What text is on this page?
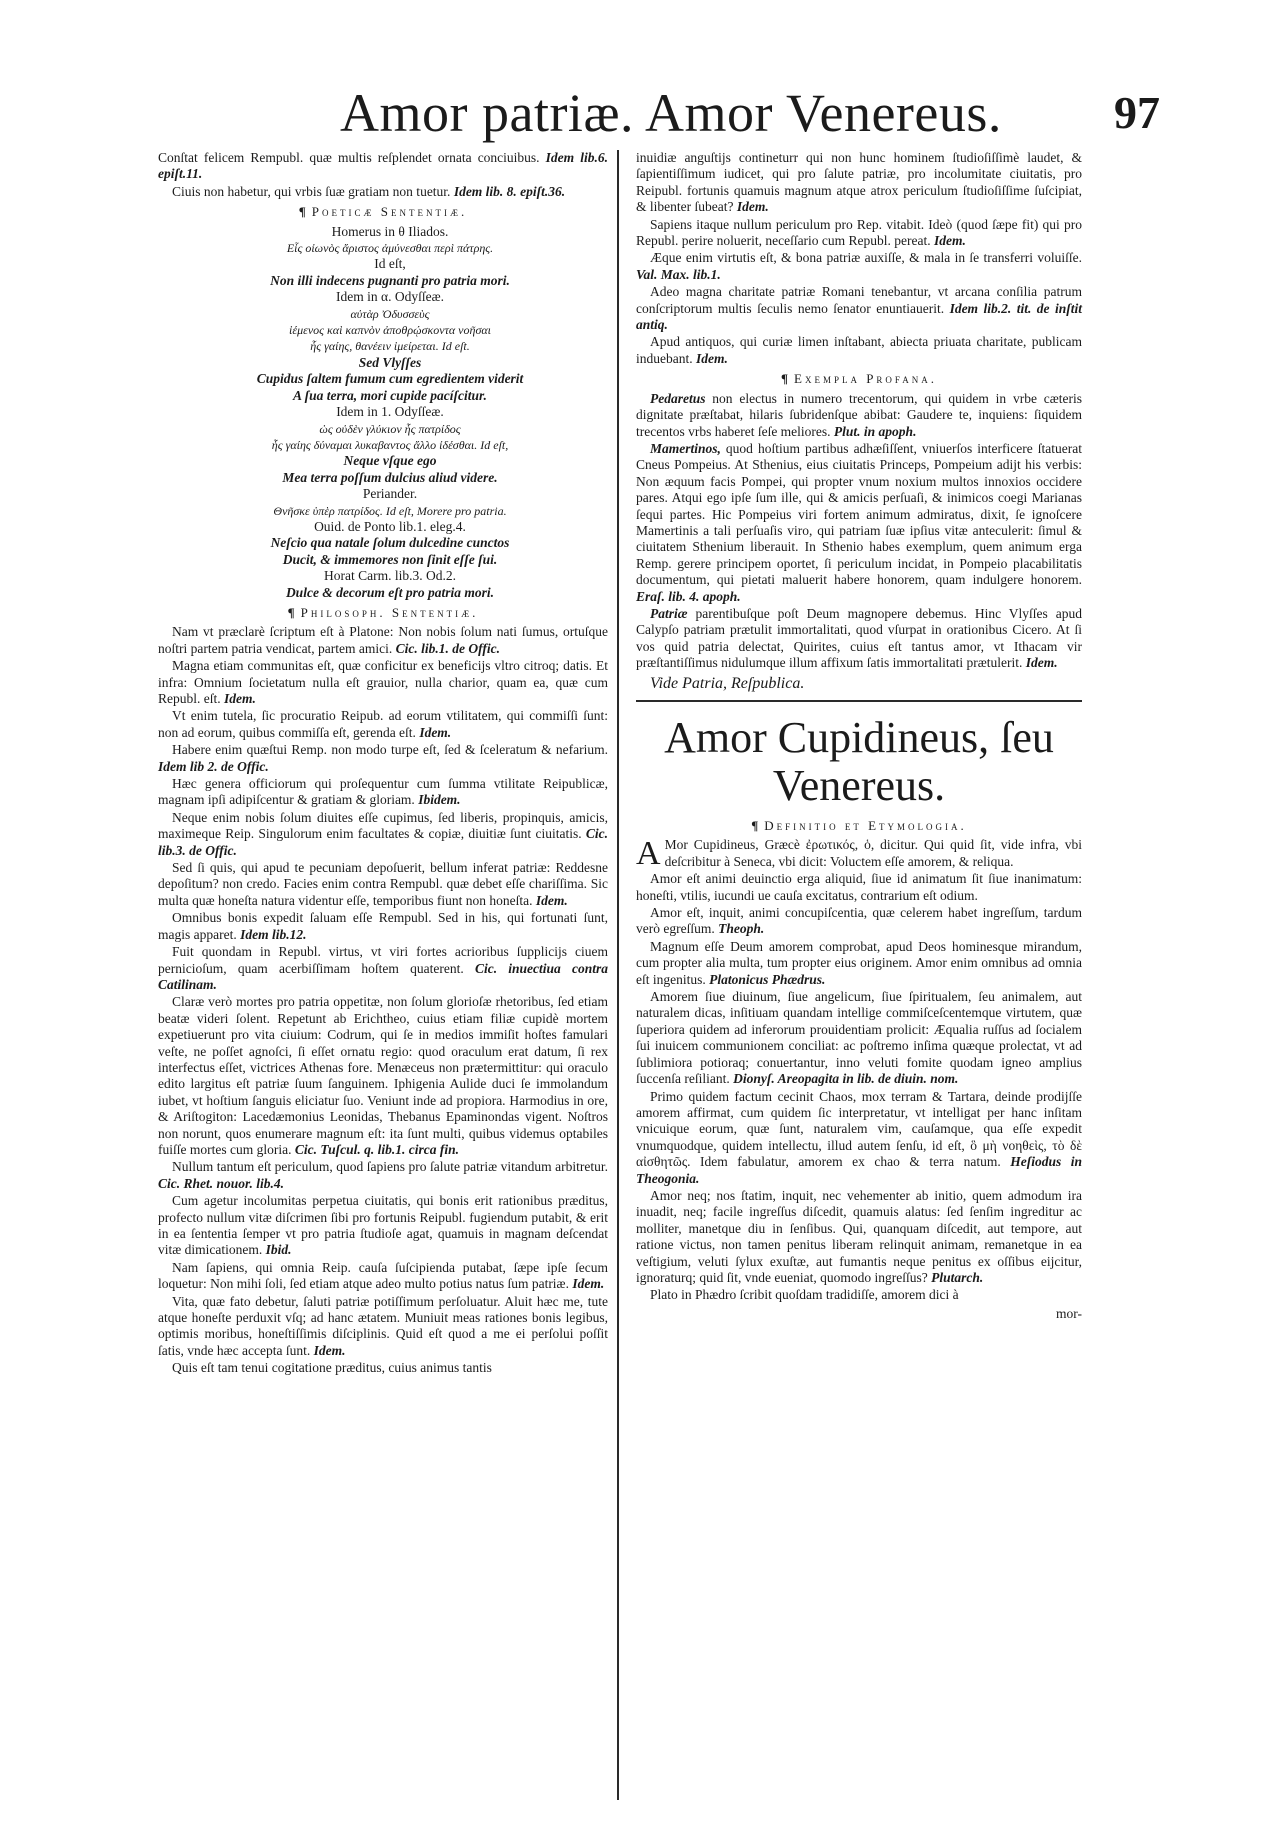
Amor patriæ. Amor Venereus. 97

Conſtat felicem Rempubl. quæ multis reſplendet ornata conciuibus. Idem lib.6. epiſt.11.

Ciuis non habetur, qui vrbis ſuæ gratiam non tuetur. Idem lib. 8. epiſt.36.

¶ Poeticæ Sententiæ.

Homerus in θ Iliados.

Εἷς οἰωνὸς ἄριστος ἀμύνεσθαι περὶ πάτρης.

Id eſt,

Non illi indecens pugnanti pro patria mori.

Idem in α. Odyſſeæ.

αὐτὰρ Ὀδυσσεὺς

ἱέμενος καὶ καπνὸν ἀποθρῴσκοντα νοῆσαι

ἧς γαίης, θανέειν ἱμείρεται. Id eſt.

Sed Vlyſſes

Cupidus ſaltem fumum cum egredientem viderit

A ſua terra, mori cupide pacíſcitur.

Idem in 1. Odyſſeæ.

ὡς οὐδὲν γλύκιον ἧς πατρίδος

ἧς γαίης δύναμαι λυκαβαντος ἄλλο ἰδέσθαι. Id eſt,

Neque vſque ego

Mea terra poſſum dulcius aliud videre.

Periander.

Θνῆσκε ὑπὲρ πατρίδος. Id eſt, Morere pro patria.

Ouid. de Ponto lib.1. eleg.4.

Neſcio qua natale ſolum dulcedine cunctos

Ducit, & immemores non ſinit eſſe ſui.

Horat Carm. lib.3. Od.2.

Dulce & decorum eſt pro patria mori.

¶ Philosoph. Sententiæ.

Nam vt præclarè ſcriptum eſt à Platone: Non nobis ſolum nati ſumus, ortuſque noſtri partem patria vendicat, partem amici. Cic. lib.1. de Offic.

Magna etiam communitas eſt, quæ conficitur ex beneficijs vltro citroq; datis. Et infra: Omnium ſocietatum nulla eſt grauior, nulla charior, quam ea, quæ cum Republ. eſt. Idem.

Vt enim tutela, ſic procuratio Reipub. ad eorum vtilitatem, qui commiſſi ſunt: non ad eorum, quibus commiſſa eſt, gerenda eſt. Idem.

Habere enim quæſtui Remp. non modo turpe eſt, ſed & ſceleratum & nefarium. Idem lib 2. de Offic.

Hæc genera officiorum qui proſequentur cum ſumma vtilitate Reipublicæ, magnam ipſi adipiſcentur & gratiam & gloriam. Ibidem.

Neque enim nobis ſolum diuites eſſe cupimus, ſed liberis, propinquis, amicis, maximeque Reip. Singulorum enim facultates & copiæ, diuitiæ ſunt ciuitatis. Cic. lib.3. de Offic.

Sed ſi quis, qui apud te pecuniam depoſuerit, bellum inferat patriæ: Reddesne depoſitum? non credo. Facies enim contra Rempubl. quæ debet eſſe chariſſima. Sic multa quæ honeſta natura videntur eſſe, temporibus fiunt non honeſta. Idem.

Omnibus bonis expedit ſaluam eſſe Rempubl. Sed in his, qui fortunati ſunt, magis apparet. Idem lib.12.

Fuit quondam in Republ. virtus, vt viri fortes acrioribus ſupplicijs ciuem pernicioſum, quam acerbiſſimam hoſtem quaterent. Cic. inuectiua contra Catilinam.

Claræ verò mortes pro patria oppetitæ, non ſolum glorioſæ rhetoribus, ſed etiam beatæ videri ſolent. Repetunt ab Erichtheo, cuius etiam filiæ cupidè mortem expetiuerunt pro vita ciuium: Codrum, qui ſe in medios immiſit hoſtes famulari veſte, ne poſſet agnoſci, ſi eſſet ornatu regio: quod oraculum erat datum, ſi rex interfectus eſſet, victrices Athenas fore. Menæceus non prætermittitur: qui oraculo edito largitus eſt patriæ ſuum ſanguinem. Iphigenia Aulide duci ſe immolandum iubet, vt hoſtium ſanguis eliciatur ſuo. Veniunt inde ad propiora. Harmodius in ore, & Ariſtogiton: Lacedæmonius Leonidas, Thebanus Epaminondas vigent. Noſtros non norunt, quos enumerare magnum eſt: ita ſunt multi, quibus videmus optabiles fuiſſe mortes cum gloria. Cic. Tuſcul. q. lib.1. circa fin.

Nullum tantum eſt periculum, quod ſapiens pro ſalute patriæ vitandum arbitretur. Cic. Rhet. nouor. lib.4.

Cum agetur incolumitas perpetua ciuitatis, qui bonis erit rationibus præditus, profecto nullum vitæ diſcrimen ſibi pro fortunis Reipubl. fugiendum putabit, & erit in ea ſententia ſemper vt pro patria ſtudioſe agat, quamuis in magnam deſcendat vitæ dimicationem. Ibid.

Nam ſapiens, qui omnia Reip. cauſa ſuſcipienda putabat, ſæpe ipſe ſecum loquetur: Non mihi ſoli, ſed etiam atque adeo multo potius natus ſum patriæ. Idem.

Vita, quæ fato debetur, ſaluti patriæ potiſſimum perſoluatur. Aluit hæc me, tute atque honeſte perduxit vſq; ad hanc ætatem. Muniuit meas rationes bonis legibus, optimis moribus, honeſtiſſimis diſciplinis. Quid eſt quod a me ei perſolui poſſit ſatis, vnde hæc accepta ſunt. Idem.

Quis eſt tam tenui cogitatione præditus, cuius animus tantis

inuidiæ anguſtijs contineturr qui non hunc hominem ſtudioſiſſimè laudet, & ſapientiſſimum iudicet, qui pro ſalute patriæ, pro incolumitate ciuitatis, pro Reipubl. fortunis quamuis magnum atque atrox periculum ſtudioſiſſime ſuſcipiat, & libenter ſubeat? Idem.

Sapiens itaque nullum periculum pro Rep. vitabit. Ideò (quod ſæpe fit) qui pro Republ. perire noluerit, neceſſario cum Republ. pereat. Idem.

Æque enim virtutis eſt, & bona patriæ auxiſſe, & mala in ſe transferri voluiſſe. Val. Max. lib.1.

Adeo magna charitate patriæ Romani tenebantur, vt arcana conſilia patrum conſcriptorum multis ſeculis nemo ſenator enuntiauerit. Idem lib.2. tit. de inſtit antiq.

Apud antiquos, qui curiæ limen inſtabant, abiecta priuata charitate, publicam induebant. Idem.

¶ Exempla Profana.

Pedaretus non electus in numero trecentorum, qui quidem in vrbe cæteris dignitate præſtabat, hilaris ſubridenſque abibat: Gaudere te, inquiens: ſiquidem trecentos vrbs haberet ſeſe meliores. Plut. in apoph.

Mamertinos, quod hoſtium partibus adhæſiſſent, vniuerſos interficere ſtatuerat Cneus Pompeius. At Sthenius, eius ciuitatis Princeps, Pompeium adijt his verbis: Non æquum facis Pompei, qui propter vnum noxium multos innoxios occidere pares. Atqui ego ipſe ſum ille, qui & amicis perſuaſi, & inimicos coegi Marianas ſequi partes. Hic Pompeius viri fortem animum admiratus, dixit, ſe ignoſcere Mamertinis a tali perſuaſis viro, qui patriam ſuæ ipſius vitæ anteculerit: ſimul & ciuitatem Sthenium liberauit. In Sthenio habes exemplum, quem animum erga Remp. gerere principem oportet, ſi periculum incidat, in Pompeio placabilitatis documentum, qui pietati maluerit habere honorem, quam indulgere honorem. Eraſ. lib. 4. apoph.

Patriæ parentibuſque poſt Deum magnopere debemus. Hinc Vlyſſes apud Calypſo patriam prætulit immortalitati, quod vſurpat in orationibus Cicero. At ſi vos quid patria delectat, Quirites, cuius eſt tantus amor, vt Ithacam vir præſtantiſſimus nidulumque illum affixum ſatis immortalitati prætulerit. Idem.

Vide Patria, Reſpublica.
Amor Cupidineus, ſeu Venereus.
¶ Definitio et Etymologia.

A Mor Cupidineus, Græcè ἐρωτικός, ὁ, dicitur. Qui quid ſit, vide infra, vbi deſcribitur à Seneca, vbi dicit: Voluctem eſſe amorem, & reliqua.

Amor eſt animi deuinctio erga aliquid, ſiue id animatum ſit ſiue inanimatum: honeſti, vtilis, iucundi ue cauſa excitatus, contrarium eſt odium.

Amor eſt, inquit, animi concupiſcentia, quæ celerem habet ingreſſum, tardum verò egreſſum. Theoph.

Magnum eſſe Deum amorem comprobat, apud Deos hominesque mirandum, cum propter alia multa, tum propter eius originem. Amor enim omnibus ad omnia eſt ingenitus. Platonicus Phædrus.

Amorem ſiue diuinum, ſiue angelicum, ſiue ſpiritualem, ſeu animalem, aut naturalem dicas, inſitiuam quandam intellige commiſceſcentemque virtutem, quæ ſuperiora quidem ad inferorum prouidentiam prolicit: Æqualia ruſſus ad ſocialem ſui inuicem communionem conciliat: ac poſtremo inſima quæque prolectat, vt ad ſublimiora potioraq; conuertantur, inno veluti fomite quodam igneo amplius ſuccenſa reſiliant. Dionyſ. Areopagita in lib. de diuin. nom.

Primo quidem factum cecinit Chaos, mox terram & Tartara, deinde prodijſſe amorem affirmat, cum quidem ſic interpretatur, vt intelligat per hanc inſitam vnicuique eorum, quæ ſunt, naturalem vim, cauſamque, qua eſſe expedit vnumquodque, quidem intellectu, illud autem ſenſu, id eſt, ὃ μὴ νοηθεὶς, τὸ δὲ αἰσθητῶς. Idem fabulatur, amorem ex chao & terra natum. Heſiodus in Theogonia.

Amor neq; nos ſtatim, inquit, nec vehementer ab initio, quem admodum ira inuadit, neq; facile ingreſſus diſcedit, quamuis alatus: ſed ſenſim ingreditur ac molliter, manetque diu in ſenſibus. Qui, quanquam diſcedit, aut tempore, aut ratione victus, non tamen penitus liberam relinquit animam, remanetque in ea veſtigium, veluti ſylux exuſtæ, aut fumantis neque penitus ex oſſibus eijcitur, ignoraturq; quid ſit, vnde eueniat, quomodo ingreſſus? Plutarch.

Plato in Phædro ſcribit quoſdam tradidiſſe, amorem dici à

mor-
